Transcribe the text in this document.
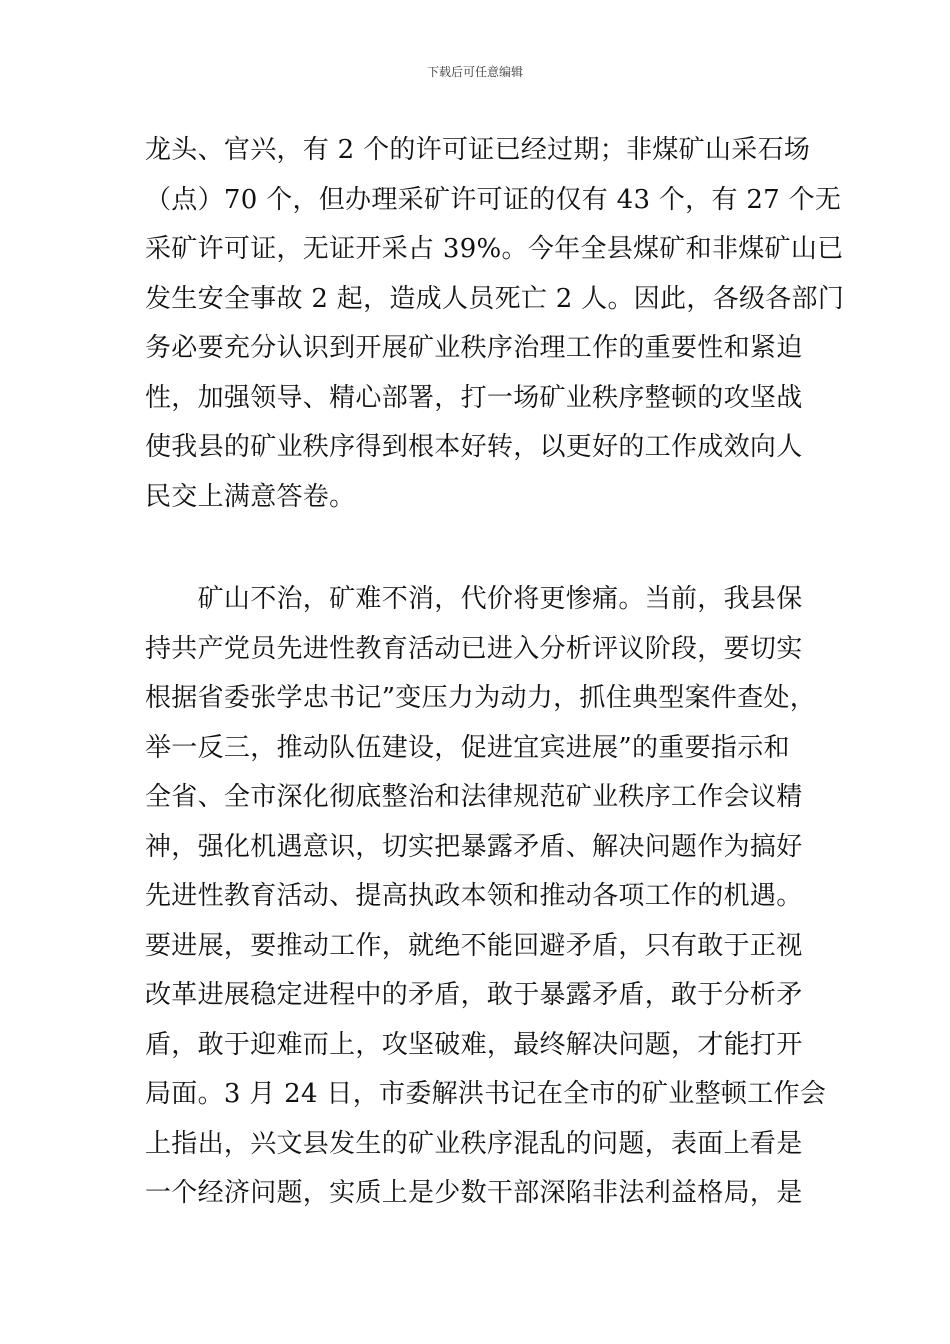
下载后可任意编辑
龙头、官兴，有 2 个的许可证已经过期；非煤矿山采石场
（点）70 个，但办理采矿许可证的仅有 43 个，有 27 个无
采矿许可证，无证开采占 39%。今年全县煤矿和非煤矿山已
发生安全事故 2 起，造成人员死亡 2 人。因此，各级各部门
务必要充分认识到开展矿业秩序治理工作的重要性和紧迫
性，加强领导、精心部署，打一场矿业秩序整顿的攻坚战
使我县的矿业秩序得到根本好转，以更好的工作成效向人
民交上满意答卷。
　　矿山不治，矿难不消，代价将更惨痛。当前，我县保
持共产党员先进性教育活动已进入分析评议阶段，要切实
根据省委张学忠书记”变压力为动力，抓住典型案件查处，
举一反三，推动队伍建设，促进宜宾进展”的重要指示和
全省、全市深化彻底整治和法律规范矿业秩序工作会议精
神，强化机遇意识，切实把暴露矛盾、解决问题作为搞好
先进性教育活动、提高执政本领和推动各项工作的机遇。
要进展，要推动工作，就绝不能回避矛盾，只有敢于正视
改革进展稳定进程中的矛盾，敢于暴露矛盾，敢于分析矛
盾，敢于迎难而上，攻坚破难，最终解决问题，才能打开
局面。3 月 24 日，市委解洪书记在全市的矿业整顿工作会
上指出，兴文县发生的矿业秩序混乱的问题，表面上看是
一个经济问题，实质上是少数干部深陷非法利益格局，是
